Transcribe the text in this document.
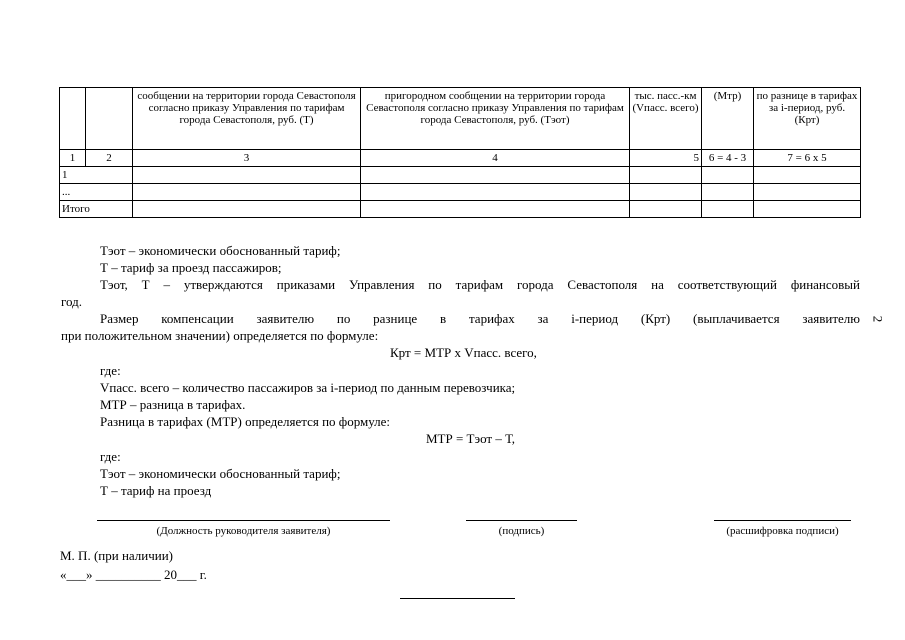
		сообщении на территории города Севастополя согласно приказу Управления по тарифам города Севастополя, руб. (Т)	пригородном сообщении на территории города Севастополя согласно приказу Управления по тарифам города Севастополя, руб. (Тэот)	тыс. пасс.-км (Vпасс. всего)	(Мтр)	по разнице в тарифах за i-период, руб. (Крт)
1	2	3	4	5	6 = 4 - 3	7 = 6 x 5
1						
...						
Итого						
Тэот – экономически обоснованный тариф;
Т – тариф за проезд пассажиров;
Тэот, Т – утверждаются приказами Управления по тарифам города Севастополя на соответствующий финансовый
год.
Размер компенсации заявителю по разнице в тарифах за i-период (Крт) (выплачивается заявителю
при положительном значении) определяется по формуле:
Крт = МТР х Vпасс. всего,
где:
Vпасс. всего – количество пассажиров за i-период по данным перевозчика;
МТР – разница в тарифах.
Разница в тарифах (МТР) определяется по формуле:
МТР = Тэот – Т,
где:
Тэот – экономически обоснованный тариф;
Т – тариф на проезд
(Должность руководителя заявителя)	(подпись)	(расшифровка подписи)
М. П. (при наличии)
«___» __________ 20___ г.
2
